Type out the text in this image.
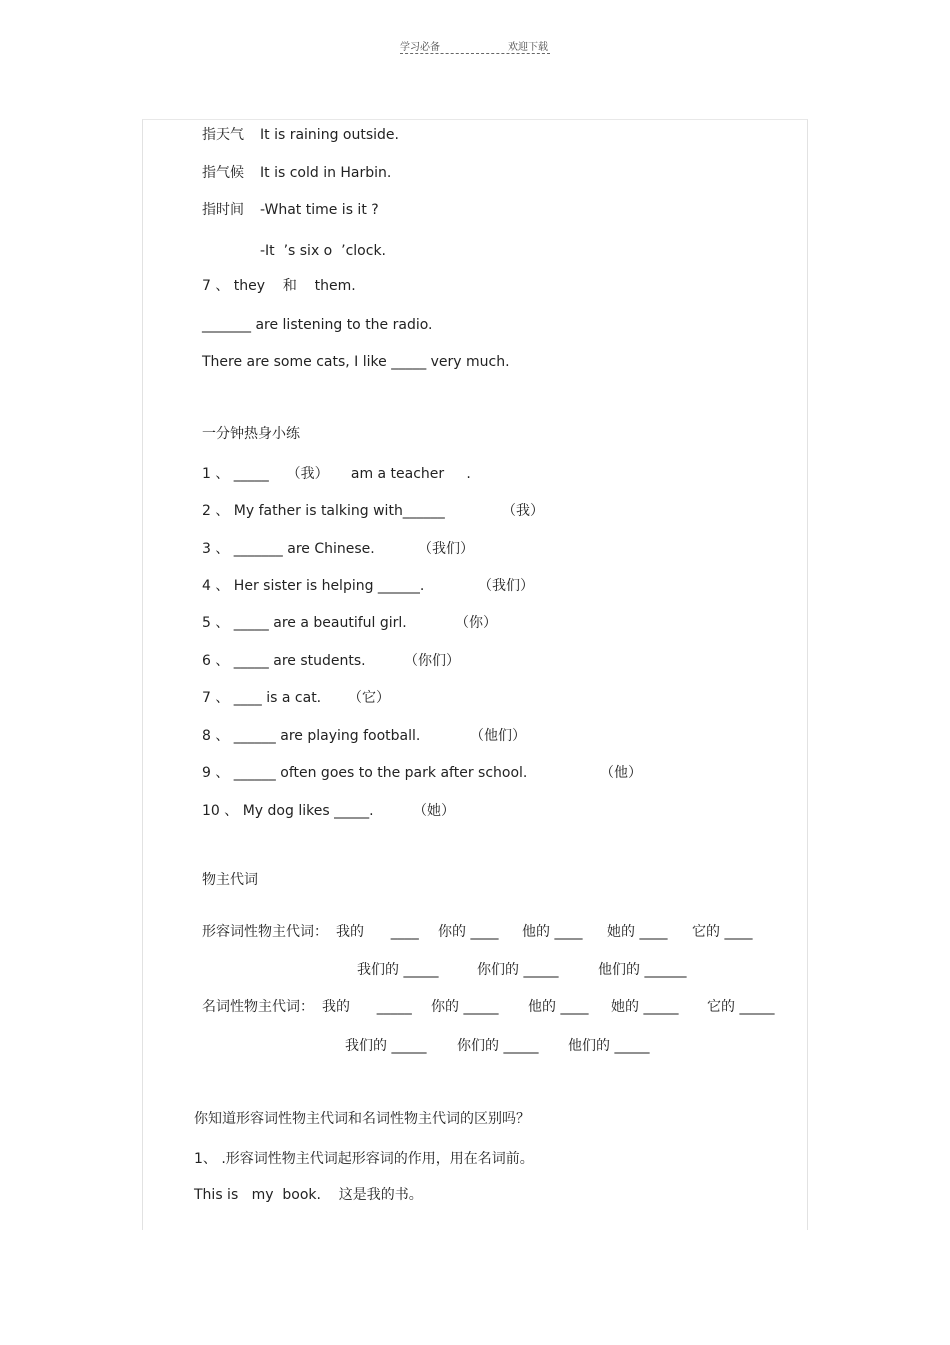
学习必备	欢迎下载
指天气 It is raining outside.
指气候 It is cold in Harbin.
指时间 -What time is it ?
-It  ’s six o  ’clock.
7 、 they    和    them.
_______ are listening to the radio.
There are some cats, I like _____ very much.
一分钟热身小练
1 、 _____    （我）     am a teacher     .
2 、 My father is talking with______	（我）
3 、 _______ are Chinese.	（我们）
4 、 Her sister is helping ______.	（我们）
5 、 _____ are a beautiful girl.	（你）
6 、 _____ are students.	（你们）
7 、 ____ is a cat. （它）
8 、 ______ are playing football.	（他们）
9 、 ______ often goes to the park after school.	（他）
10 、 My dog likes _____.	（她）
物主代词
形容词性物主代词： 我的      ____ 你的 ____ 他的 ____ 她的 ____ 它的 ____
我们的 _____	你们的 _____	他们的 ______
名词性物主代词： 我的      _____ 你的 _____ 他的 ____ 她的 _____ 它的 _____
我们的 _____ 你们的 _____ 他们的 _____
你知道形容词性物主代词和名词性物主代词的区别吗？
1、 .形容词性物主代词起形容词的作用，用在名词前。
This is   my  book.    这是我的书。
